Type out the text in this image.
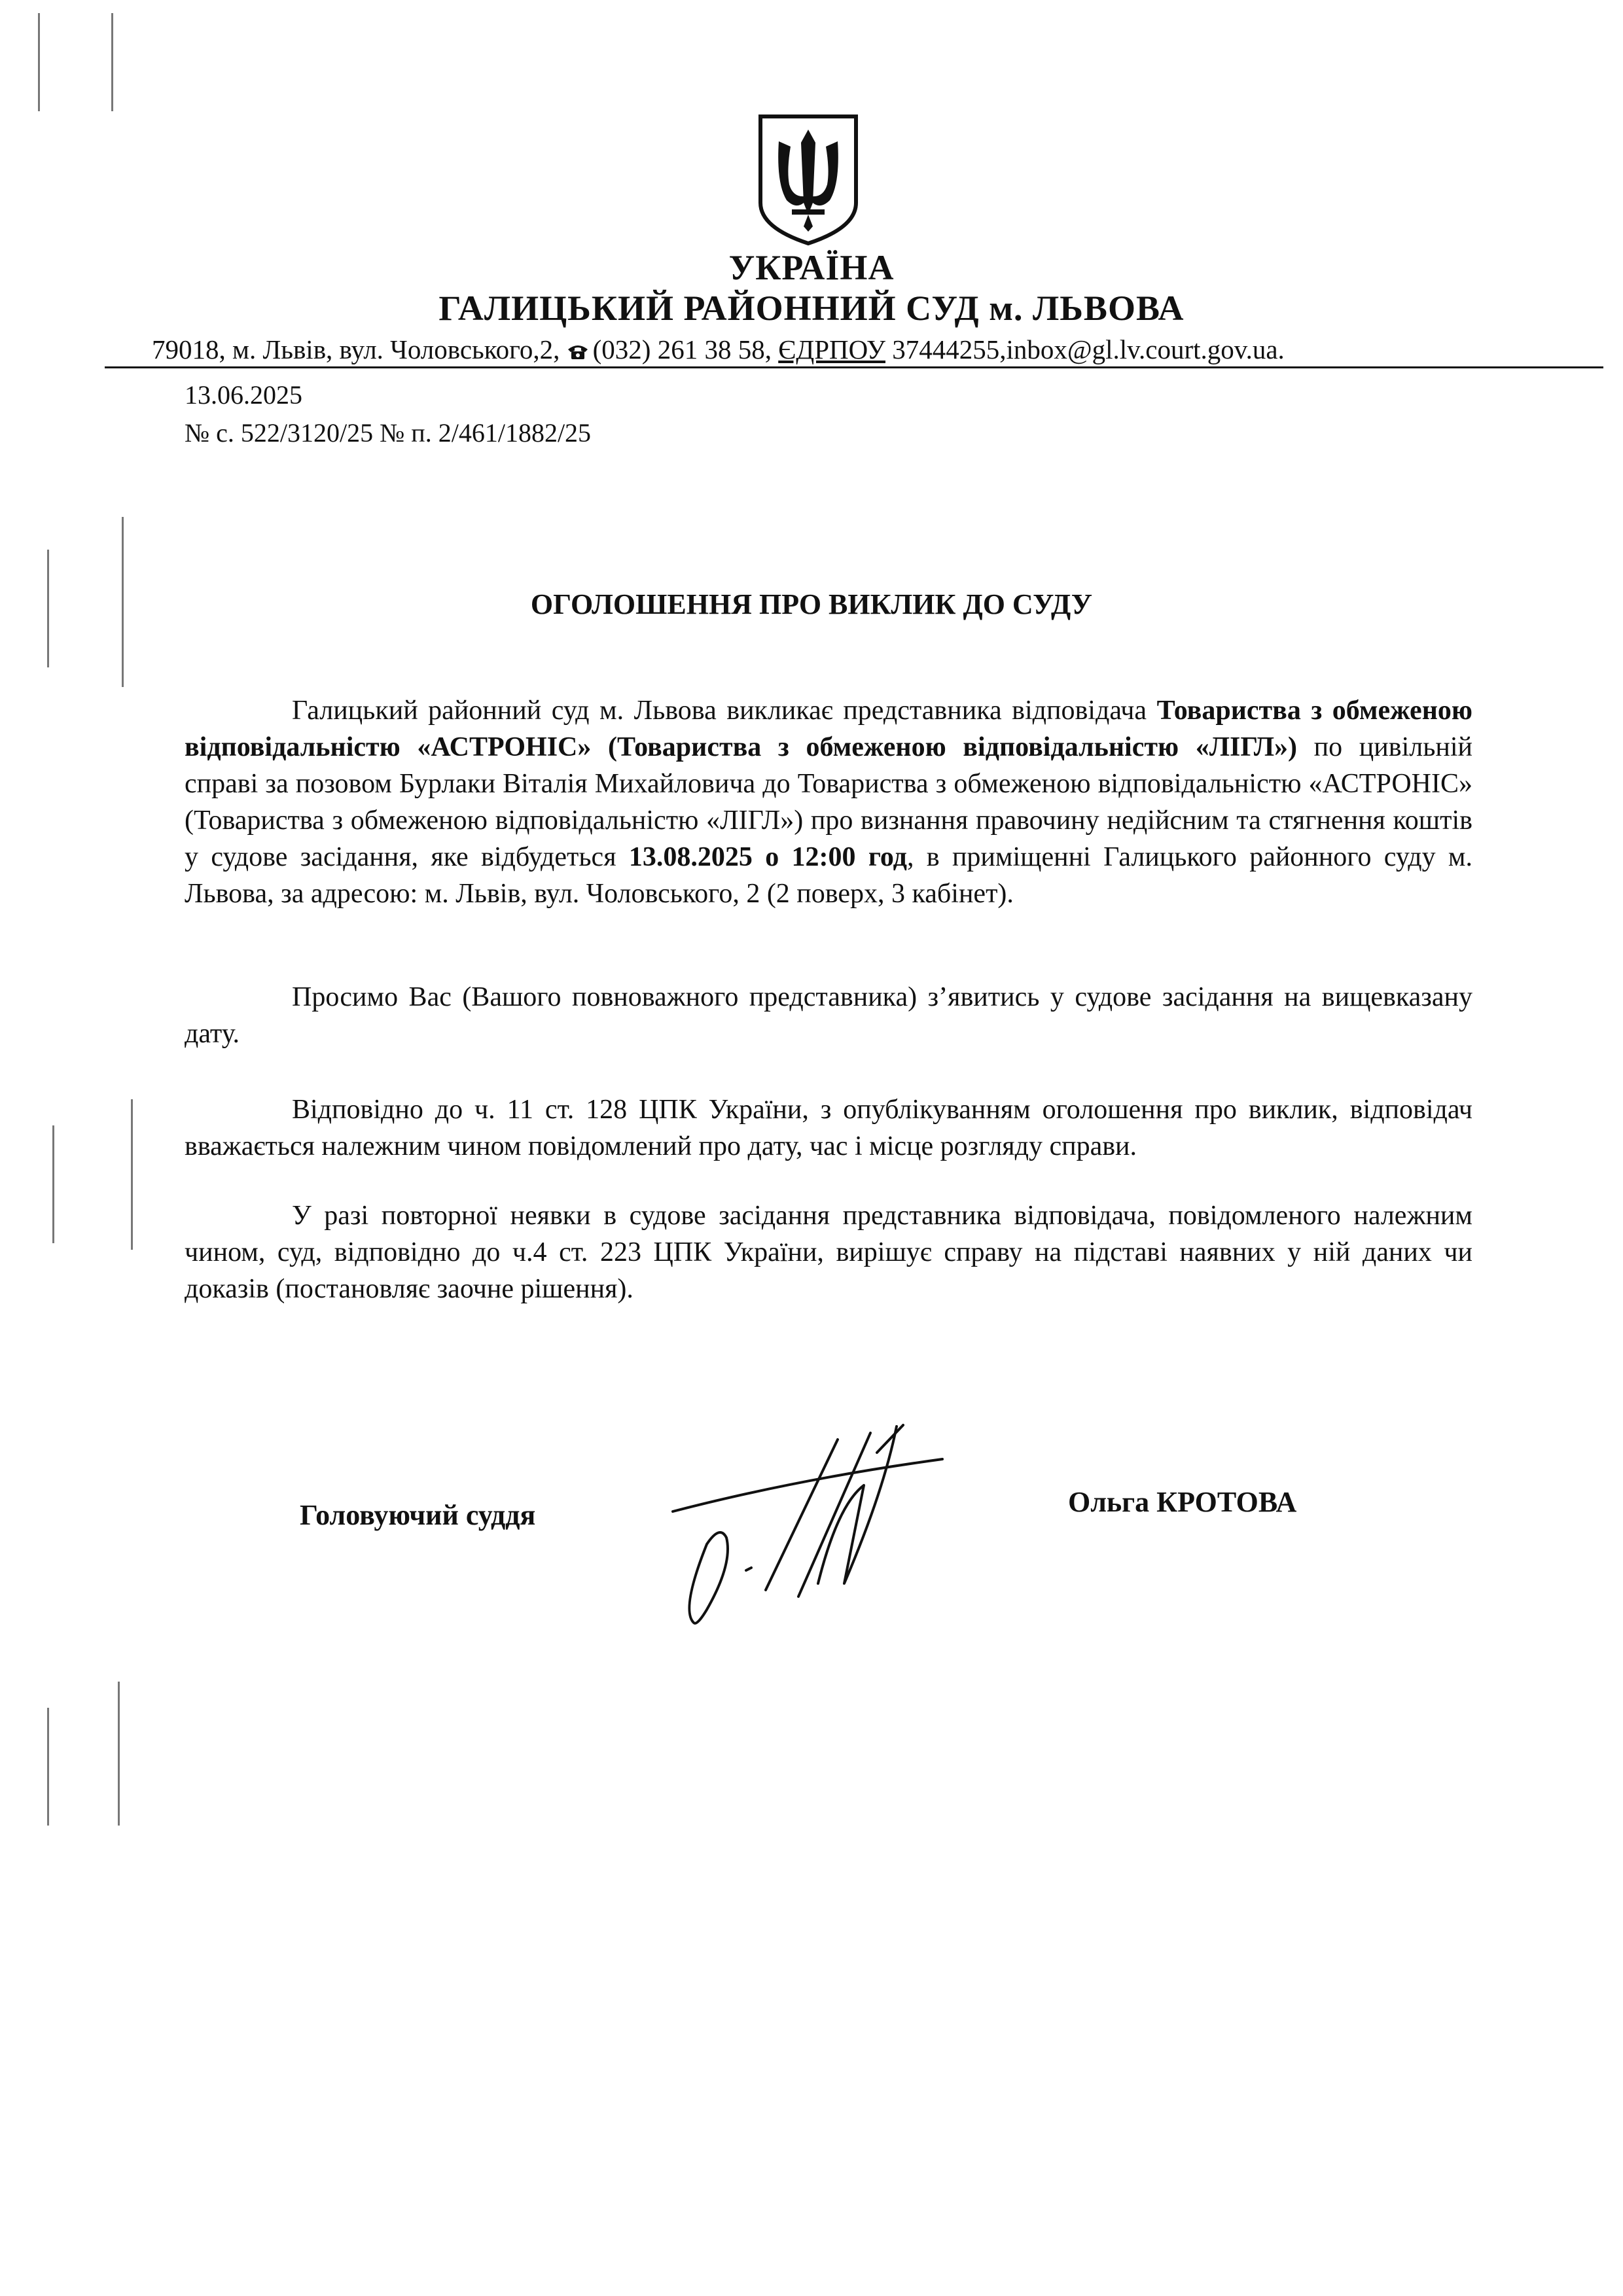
УКРАЇНА
ГАЛИЦЬКИЙ РАЙОННИЙ СУД м. ЛЬВОВА
79018, м. Львів, вул. Чоловського,2, (032) 261 38 58, ЄДРПОУ 37444255,inbox@gl.lv.court.gov.ua.
13.06.2025
№ с. 522/3120/25 № п. 2/461/1882/25
ОГОЛОШЕННЯ ПРО ВИКЛИК ДО СУДУ

Галицький районний суд м. Львова викликає представника відповідача Товариства з обмеженою відповідальністю «АСТРОНІС» (Товариства з обмеженою відповідальністю «ЛІГЛ») по цивільній справі за позовом Бурлаки Віталія Михайловича до Товариства з обмеженою відповідальністю «АСТРОНІС» (Товариства з обмеженою відповідальністю «ЛІГЛ») про визнання правочину недійсним та стягнення коштів у судове засідання, яке відбудеться 13.08.2025 о 12:00 год, в приміщенні Галицького районного суду м. Львова, за адресою: м. Львів, вул. Чоловського, 2 (2 поверх, 3 кабінет).

Просимо Вас (Вашого повноважного представника) з’явитись у судове засідання на вищевказану дату.

Відповідно до ч. 11 ст. 128 ЦПК України, з опублікуванням оголошення про виклик, відповідач вважається належним чином повідомлений про дату, час і місце розгляду справи.

У разі повторної неявки в судове засідання представника відповідача, повідомленого належним чином, суд, відповідно до ч.4 ст. 223 ЦПК України, вирішує справу на підставі наявних у ній даних чи доказів (постановляє заочне рішення).

Головуючий суддя	Ольга КРОТОВА
